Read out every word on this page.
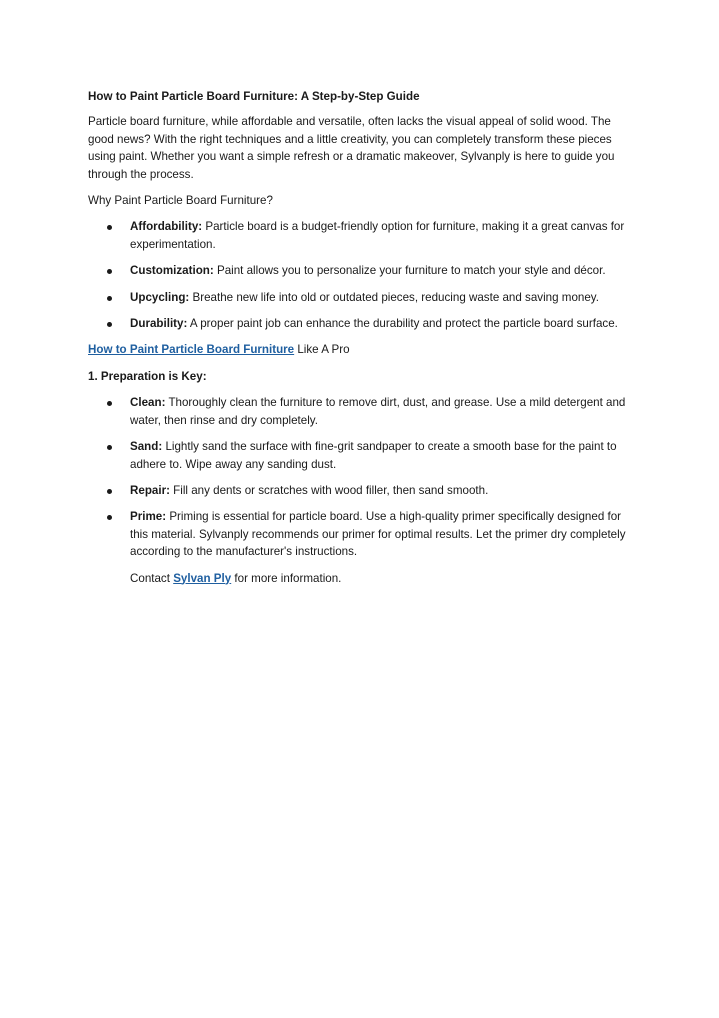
How to Paint Particle Board Furniture: A Step-by-Step Guide

Particle board furniture, while affordable and versatile, often lacks the visual appeal of solid wood. The good news? With the right techniques and a little creativity, you can completely transform these pieces using paint. Whether you want a simple refresh or a dramatic makeover, Sylvanply is here to guide you through the process.

Why Paint Particle Board Furniture?

Affordability: Particle board is a budget-friendly option for furniture, making it a great canvas for experimentation.
Customization: Paint allows you to personalize your furniture to match your style and décor.
Upcycling: Breathe new life into old or outdated pieces, reducing waste and saving money.
Durability: A proper paint job can enhance the durability and protect the particle board surface.

How to Paint Particle Board Furniture Like A Pro

1. Preparation is Key:

Clean: Thoroughly clean the furniture to remove dirt, dust, and grease. Use a mild detergent and water, then rinse and dry completely.
Sand: Lightly sand the surface with fine-grit sandpaper to create a smooth base for the paint to adhere to. Wipe away any sanding dust.
Repair: Fill any dents or scratches with wood filler, then sand smooth.
Prime: Priming is essential for particle board. Use a high-quality primer specifically designed for this material. Sylvanply recommends our primer for optimal results. Let the primer dry completely according to the manufacturer's instructions.

Contact Sylvan Ply for more information.
